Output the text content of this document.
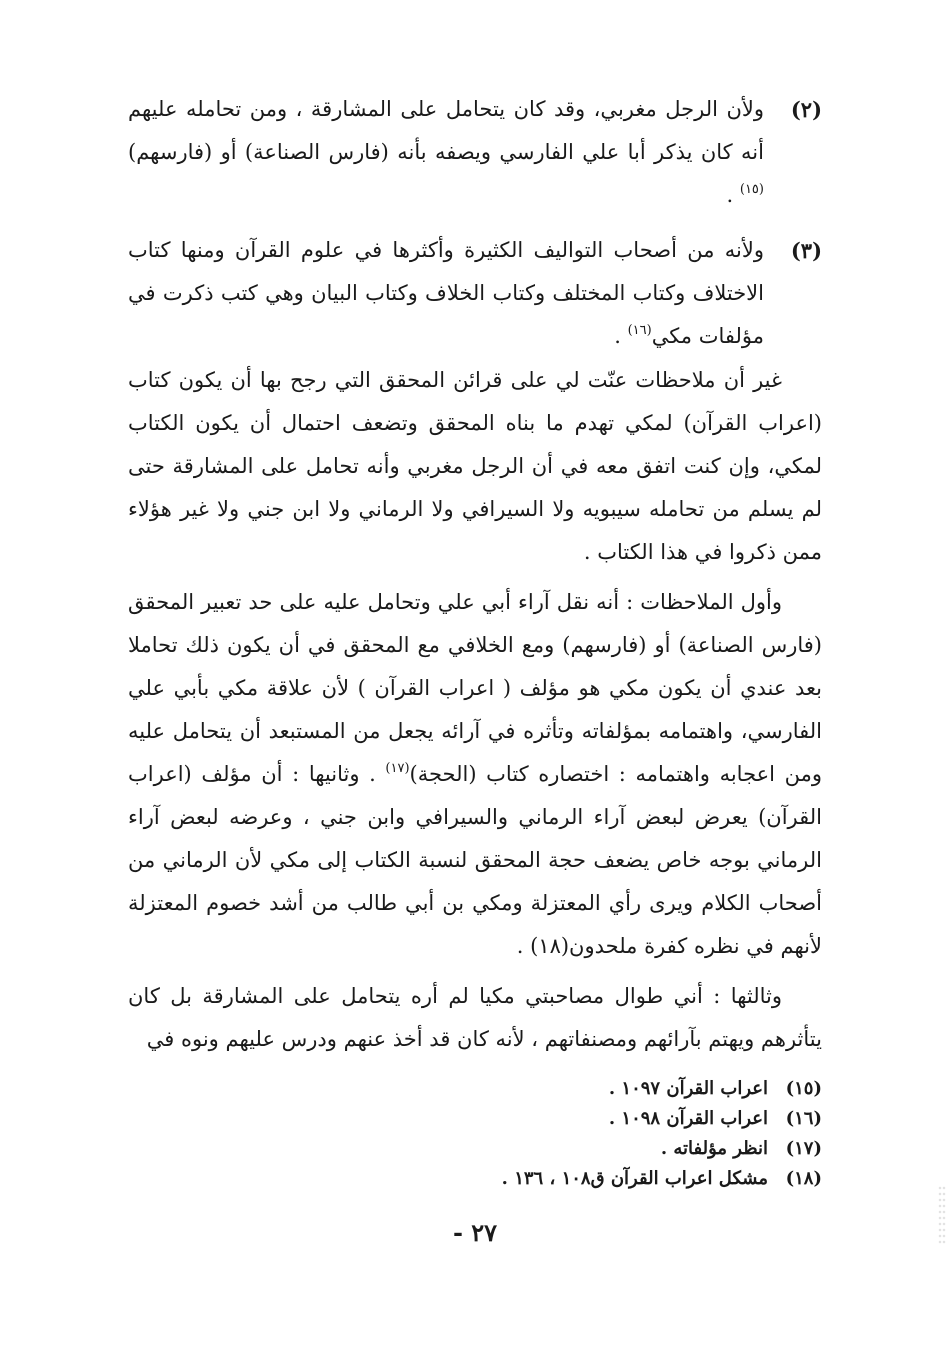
(٢)

ولأن الرجل مغربي، وقد كان يتحامل على المشارقة ، ومن تحامله عليهم أنه كان يذكر أبا علي الفارسي ويصفه بأنه (فارس الصناعة) أو (فارسهم)$^{(١٥)}$ .

(٣)

ولأنه من أصحاب التواليف الكثيرة وأكثرها في علوم القرآن ومنها كتاب الاختلاف وكتاب المختلف وكتاب الخلاف وكتاب البيان وهي كتب ذكرت في مؤلفات مكي$^{(١٦)}$ .

غير أن ملاحظات عنّت لي على قرائن المحقق التي رجح بها أن يكون كتاب (اعراب القرآن) لمكي تهدم ما بناه المحقق وتضعف احتمال أن يكون الكتاب لمكي، وإن كنت اتفق معه في أن الرجل مغربي وأنه تحامل على المشارقة حتى لم يسلم من تحامله سيبويه ولا السيرافي ولا الرماني ولا ابن جني ولا غير هؤلاء ممن ذكروا في هذا الكتاب .

وأول الملاحظات : أنه نقل آراء أبي علي وتحامل عليه على حد تعبير المحقق (فارس الصناعة) أو (فارسهم) ومع الخلافي مع المحقق في أن يكون ذلك تحاملا بعد عندي أن يكون مكي هو مؤلف ( اعراب القرآن ) لأن علاقة مكي بأبي علي الفارسي، واهتمامه بمؤلفاته وتأثره في آرائه يجعل من المستبعد أن يتحامل عليه ومن اعجابه واهتمامه : اختصاره كتاب (الحجة)$^{(١٧)}$ . وثانيها : أن مؤلف (اعراب القرآن) يعرض لبعض آراء الرماني والسيرافي وابن جني ، وعرضه لبعض آراء الرماني بوجه خاص يضعف حجة المحقق لنسبة الكتاب إلى مكي لأن الرماني من أصحاب الكلام ويرى رأي المعتزلة ومكي بن أبي طالب من أشد خصوم المعتزلة لأنهم في نظره كفرة ملحدون(١٨) .

وثالثها : أني طوال مصاحبتي مكيا لم أره يتحامل على المشارقة بل كان يتأثرهم ويهتم بآرائهم ومصنفاتهم ، لأنه كان قد أخذ عنهم ودرس عليهم ونوه في

(١٥)
اعراب القرآن ١٠٩٧ .
(١٦)
اعراب القرآن ١٠٩٨ .
(١٧)
انظر مؤلفاته .
(١٨)
مشكل اعراب القرآن ق١٠٨ ، ١٣٦ .
٢٧ -
